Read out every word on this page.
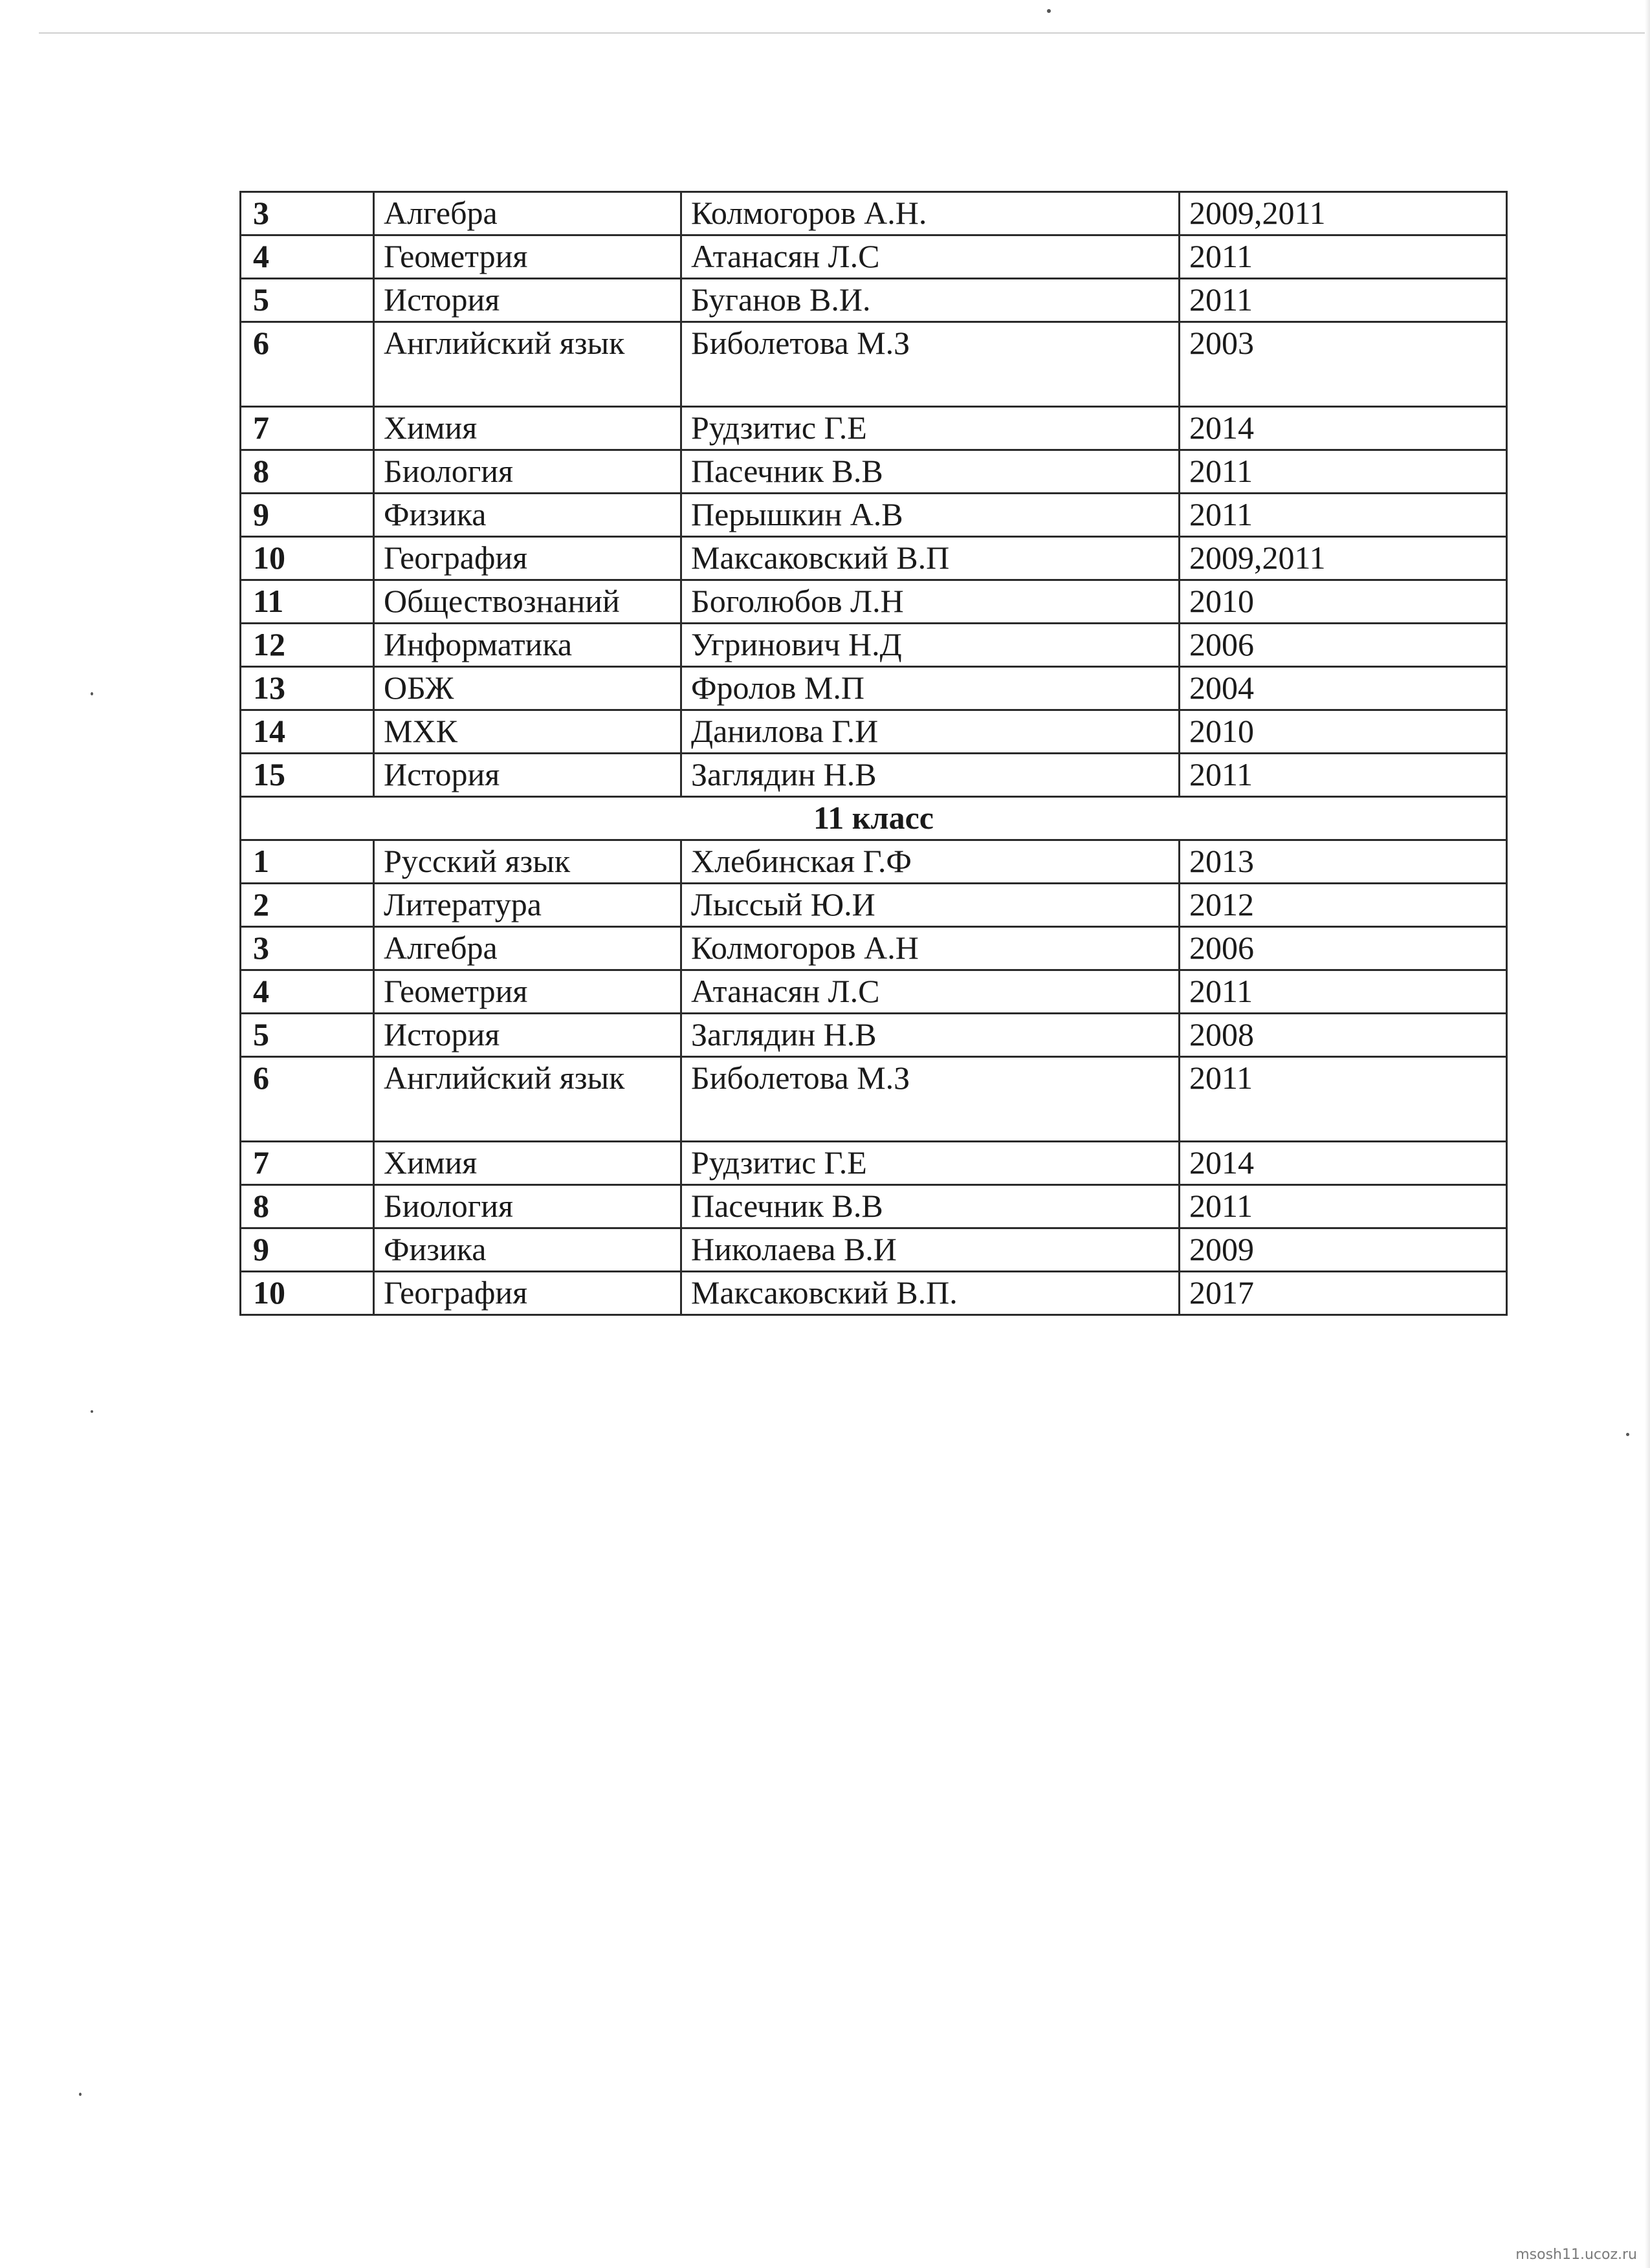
3	Алгебра	Колмогоров А.Н.	2009,2011
4	Геометрия	Атанасян Л.С	2011
5	История	Буганов В.И.	2011
6	Английский язык	Биболетова М.З	2003
7	Химия	Рудзитис Г.Е	2014
8	Биология	Пасечник В.В	2011
9	Физика	Перышкин А.В	2011
10	География	Максаковский В.П	2009,2011
11	Обществознаний	Боголюбов Л.Н	2010
12	Информатика	Угринович Н.Д	2006
13	ОБЖ	Фролов М.П	2004
14	МХК	Данилова Г.И	2010
15	История	Заглядин Н.В	2011
11 класс			
1	Русский язык	Хлебинская Г.Ф	2013
2	Литература	Лыссый Ю.И	2012
3	Алгебра	Колмогоров А.Н	2006
4	Геометрия	Атанасян Л.С	2011
5	История	Заглядин Н.В	2008
6	Английский язык	Биболетова М.З	2011
7	Химия	Рудзитис Г.Е	2014
8	Биология	Пасечник В.В	2011
9	Физика	Николаева В.И	2009
10	География	Максаковский В.П.	2017
msosh11.ucoz.ru
